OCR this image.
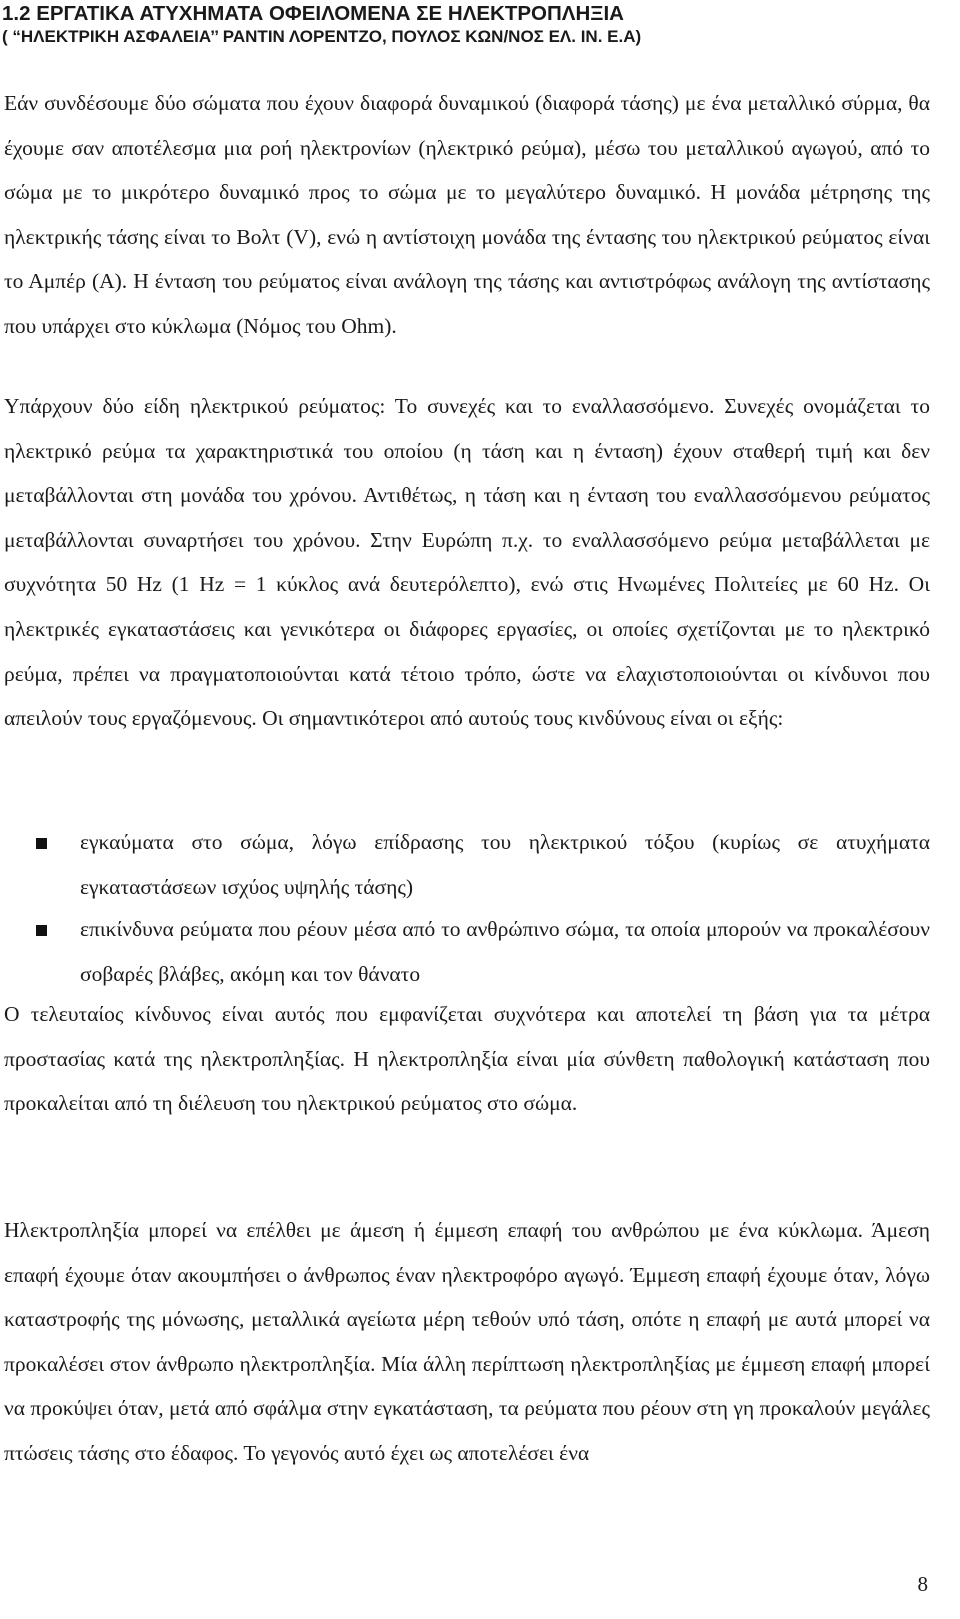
1.2 ΕΡΓΑΤΙΚΑ ΑΤΥΧΗΜΑΤΑ ΟΦΕΙΛΟΜΕΝΑ ΣΕ ΗΛΕΚΤΡΟΠΛΗΞΙΑ
( “ΗΛΕΚΤΡΙΚΗ ΑΣΦΑΛΕΙΑ’’ ΡΑΝΤΙΝ ΛΟΡΕΝΤΖΟ, ΠΟΥΛΟΣ ΚΩΝ/ΝΟΣ ΕΛ. ΙΝ. Ε.Α)

Εάν συνδέσουμε δύο σώματα που έχουν διαφορά δυναμικού (διαφορά τάσης) με ένα μεταλλικό σύρμα, θα έχουμε σαν αποτέλεσμα μια ροή ηλεκτρονίων (ηλεκτρικό ρεύμα), μέσω του μεταλλικού αγωγού, από το σώμα με το μικρότερο δυναμικό προς το σώμα με το μεγαλύτερο δυναμικό. Η μονάδα μέτρησης της ηλεκτρικής τάσης είναι το Βολτ (V), ενώ η αντίστοιχη μονάδα της έντασης του ηλεκτρικού ρεύματος είναι το Αμπέρ (Α). Η ένταση του ρεύματος είναι ανάλογη της τάσης και αντιστρόφως ανάλογη της αντίστασης που υπάρχει στο κύκλωμα (Νόμος του Ohm).

Υπάρχουν δύο είδη ηλεκτρικού ρεύματος: Το συνεχές και το εναλλασσόμενο. Συνεχές ονομάζεται το ηλεκτρικό ρεύμα τα χαρακτηριστικά του οποίου (η τάση και η ένταση) έχουν σταθερή τιμή και δεν μεταβάλλονται στη μονάδα του χρόνου. Αντιθέτως, η τάση και η ένταση του εναλλασσόμενου ρεύματος μεταβάλλονται συναρτήσει του χρόνου. Στην Ευρώπη π.χ. το εναλλασσόμενο ρεύμα μεταβάλλεται με συχνότητα 50 Hz (1 Hz = 1 κύκλος ανά δευτερόλεπτο), ενώ στις Ηνωμένες Πολιτείες με 60 Hz. Οι ηλεκτρικές εγκαταστάσεις και γενικότερα οι διάφορες εργασίες, οι οποίες σχετίζονται με το ηλεκτρικό ρεύμα, πρέπει να πραγματοποιούνται κατά τέτοιο τρόπο, ώστε να ελαχιστοποιούνται οι κίνδυνοι που απειλούν τους εργαζόμενους. Οι σημαντικότεροι από αυτούς τους κινδύνους είναι οι εξής:

εγκαύματα στο σώμα, λόγω επίδρασης του ηλεκτρικού τόξου (κυρίως σε ατυχήματα εγκαταστάσεων ισχύος υψηλής τάσης)
επικίνδυνα ρεύματα που ρέουν μέσα από το ανθρώπινο σώμα, τα οποία μπορούν να προκαλέσουν σοβαρές βλάβες, ακόμη και τον θάνατο

Ο τελευταίος κίνδυνος είναι αυτός που εμφανίζεται συχνότερα και αποτελεί τη βάση για τα μέτρα προστασίας κατά της ηλεκτροπληξίας. Η ηλεκτροπληξία είναι μία σύνθετη παθολογική κατάσταση που προκαλείται από τη διέλευση του ηλεκτρικού ρεύματος στο σώμα.

Ηλεκτροπληξία μπορεί να επέλθει με άμεση ή έμμεση επαφή του ανθρώπου με ένα κύκλωμα. Άμεση επαφή έχουμε όταν ακουμπήσει ο άνθρωπος έναν ηλεκτροφόρο αγωγό. Έμμεση επαφή έχουμε όταν, λόγω καταστροφής της μόνωσης, μεταλλικά αγείωτα μέρη τεθούν υπό τάση, οπότε η επαφή με αυτά μπορεί να προκαλέσει στον άνθρωπο ηλεκτροπληξία. Μία άλλη περίπτωση ηλεκτροπληξίας με έμμεση επαφή μπορεί να προκύψει όταν, μετά από σφάλμα στην εγκατάσταση, τα ρεύματα που ρέουν στη γη προκαλούν μεγάλες πτώσεις τάσης στο έδαφος. Το γεγονός αυτό έχει ως αποτελέσει ένα

8
